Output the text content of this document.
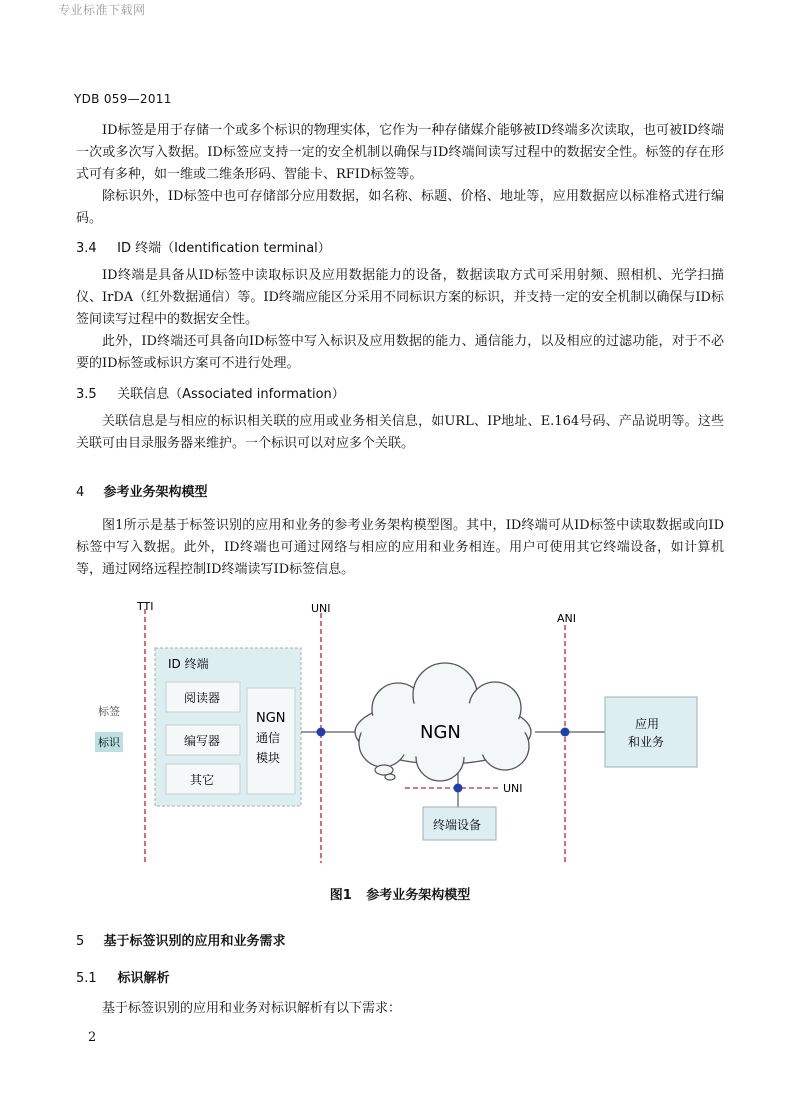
专业标准下载网
YDB 059—2011

ID标签是用于存储一个或多个标识的物理实体，它作为一种存储媒介能够被ID终端多次读取，也可被ID终端一次或多次写入数据。ID标签应支持一定的安全机制以确保与ID终端间读写过程中的数据安全性。标签的存在形式可有多种，如一维或二维条形码、智能卡、RFID标签等。

除标识外，ID标签中也可存储部分应用数据，如名称、标题、价格、地址等，应用数据应以标准格式进行编码。

3.4 ID 终端（Identification terminal）

ID终端是具备从ID标签中读取标识及应用数据能力的设备，数据读取方式可采用射频、照相机、光学扫描仪、IrDA（红外数据通信）等。ID终端应能区分采用不同标识方案的标识，并支持一定的安全机制以确保与ID标签间读写过程中的数据安全性。

此外，ID终端还可具备向ID标签中写入标识及应用数据的能力、通信能力，以及相应的过滤功能，对于不必要的ID标签或标识方案可不进行处理。

3.5 关联信息（Associated information）

关联信息是与相应的标识相关联的应用或业务相关信息，如URL、IP地址、E.164号码、产品说明等。这些关联可由目录服务器来维护。一个标识可以对应多个关联。

4 参考业务架构模型

图1所示是基于标签识别的应用和业务的参考业务架构模型图。其中，ID终端可从ID标签中读取数据或向ID标签中写入数据。此外，ID终端也可通过网络与相应的应用和业务相连。用户可使用其它终端设备，如计算机等，通过网络远程控制ID终端读写ID标签信息。

TTI	UNI
ANI
标签
标识
ID 终端
阅读器
编写器
其它
NGN
通信
模块
NGN
UNI
应用
和业务
终端设备
图1 参考业务架构模型
5 基于标签识别的应用和业务需求
5.1 标识解析

基于标签识别的应用和业务对标识解析有以下需求：

2
